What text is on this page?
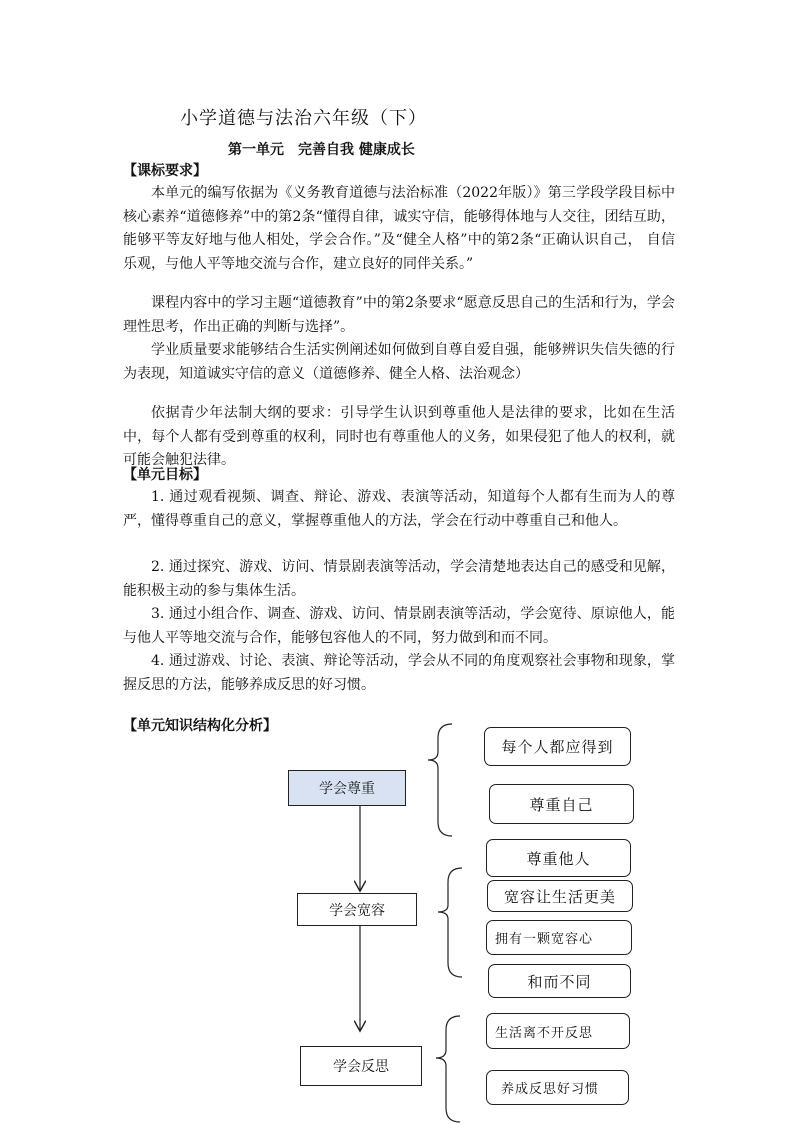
小学道德与法治六年级（下）
第一单元　完善自我 健康成长
【课标要求】

本单元的编写依据为《义务教育道德与法治标准（2022年版）》第三学段学段目标中核心素养“道德修养”中的第2条“懂得自律，诚实守信，能够得体地与人交往，团结互助，能够平等友好地与他人相处，学会合作。”及“健全人格”中的第2条“正确认识自己， 自信乐观，与他人平等地交流与合作，建立良好的同伴关系。”

课程内容中的学习主题“道德教育”中的第2条要求“愿意反思自己的生活和行为，学会理性思考，作出正确的判断与选择”。

学业质量要求能够结合生活实例阐述如何做到自尊自爱自强，能够辨识失信失德的行为表现，知道诚实守信的意义（道德修养、健全人格、法治观念）

依据青少年法制大纲的要求：引导学生认识到尊重他人是法律的要求，比如在生活中，每个人都有受到尊重的权利，同时也有尊重他人的义务，如果侵犯了他人的权利，就可能会触犯法律。

【单元目标】

1. 通过观看视频、调查、辩论、游戏、表演等活动，知道每个人都有生而为人的尊严，懂得尊重自己的意义，掌握尊重他人的方法，学会在行动中尊重自己和他人。

2. 通过探究、游戏、访问、情景剧表演等活动，学会清楚地表达自己的感受和见解，能积极主动的参与集体生活。

3. 通过小组合作、调查、游戏、访问、情景剧表演等活动，学会宽待、原谅他人，能与他人平等地交流与合作，能够包容他人的不同，努力做到和而不同。

4. 通过游戏、讨论、表演、辩论等活动，学会从不同的角度观察社会事物和现象，掌握反思的方法，能够养成反思的好习惯。

【单元知识结构化分析】
学会尊重
学会宽容
学会反思
每个人都应得到
尊重自己
尊重他人
宽容让生活更美
拥有一颗宽容心
和而不同
生活离不开反思
养成反思好习惯
